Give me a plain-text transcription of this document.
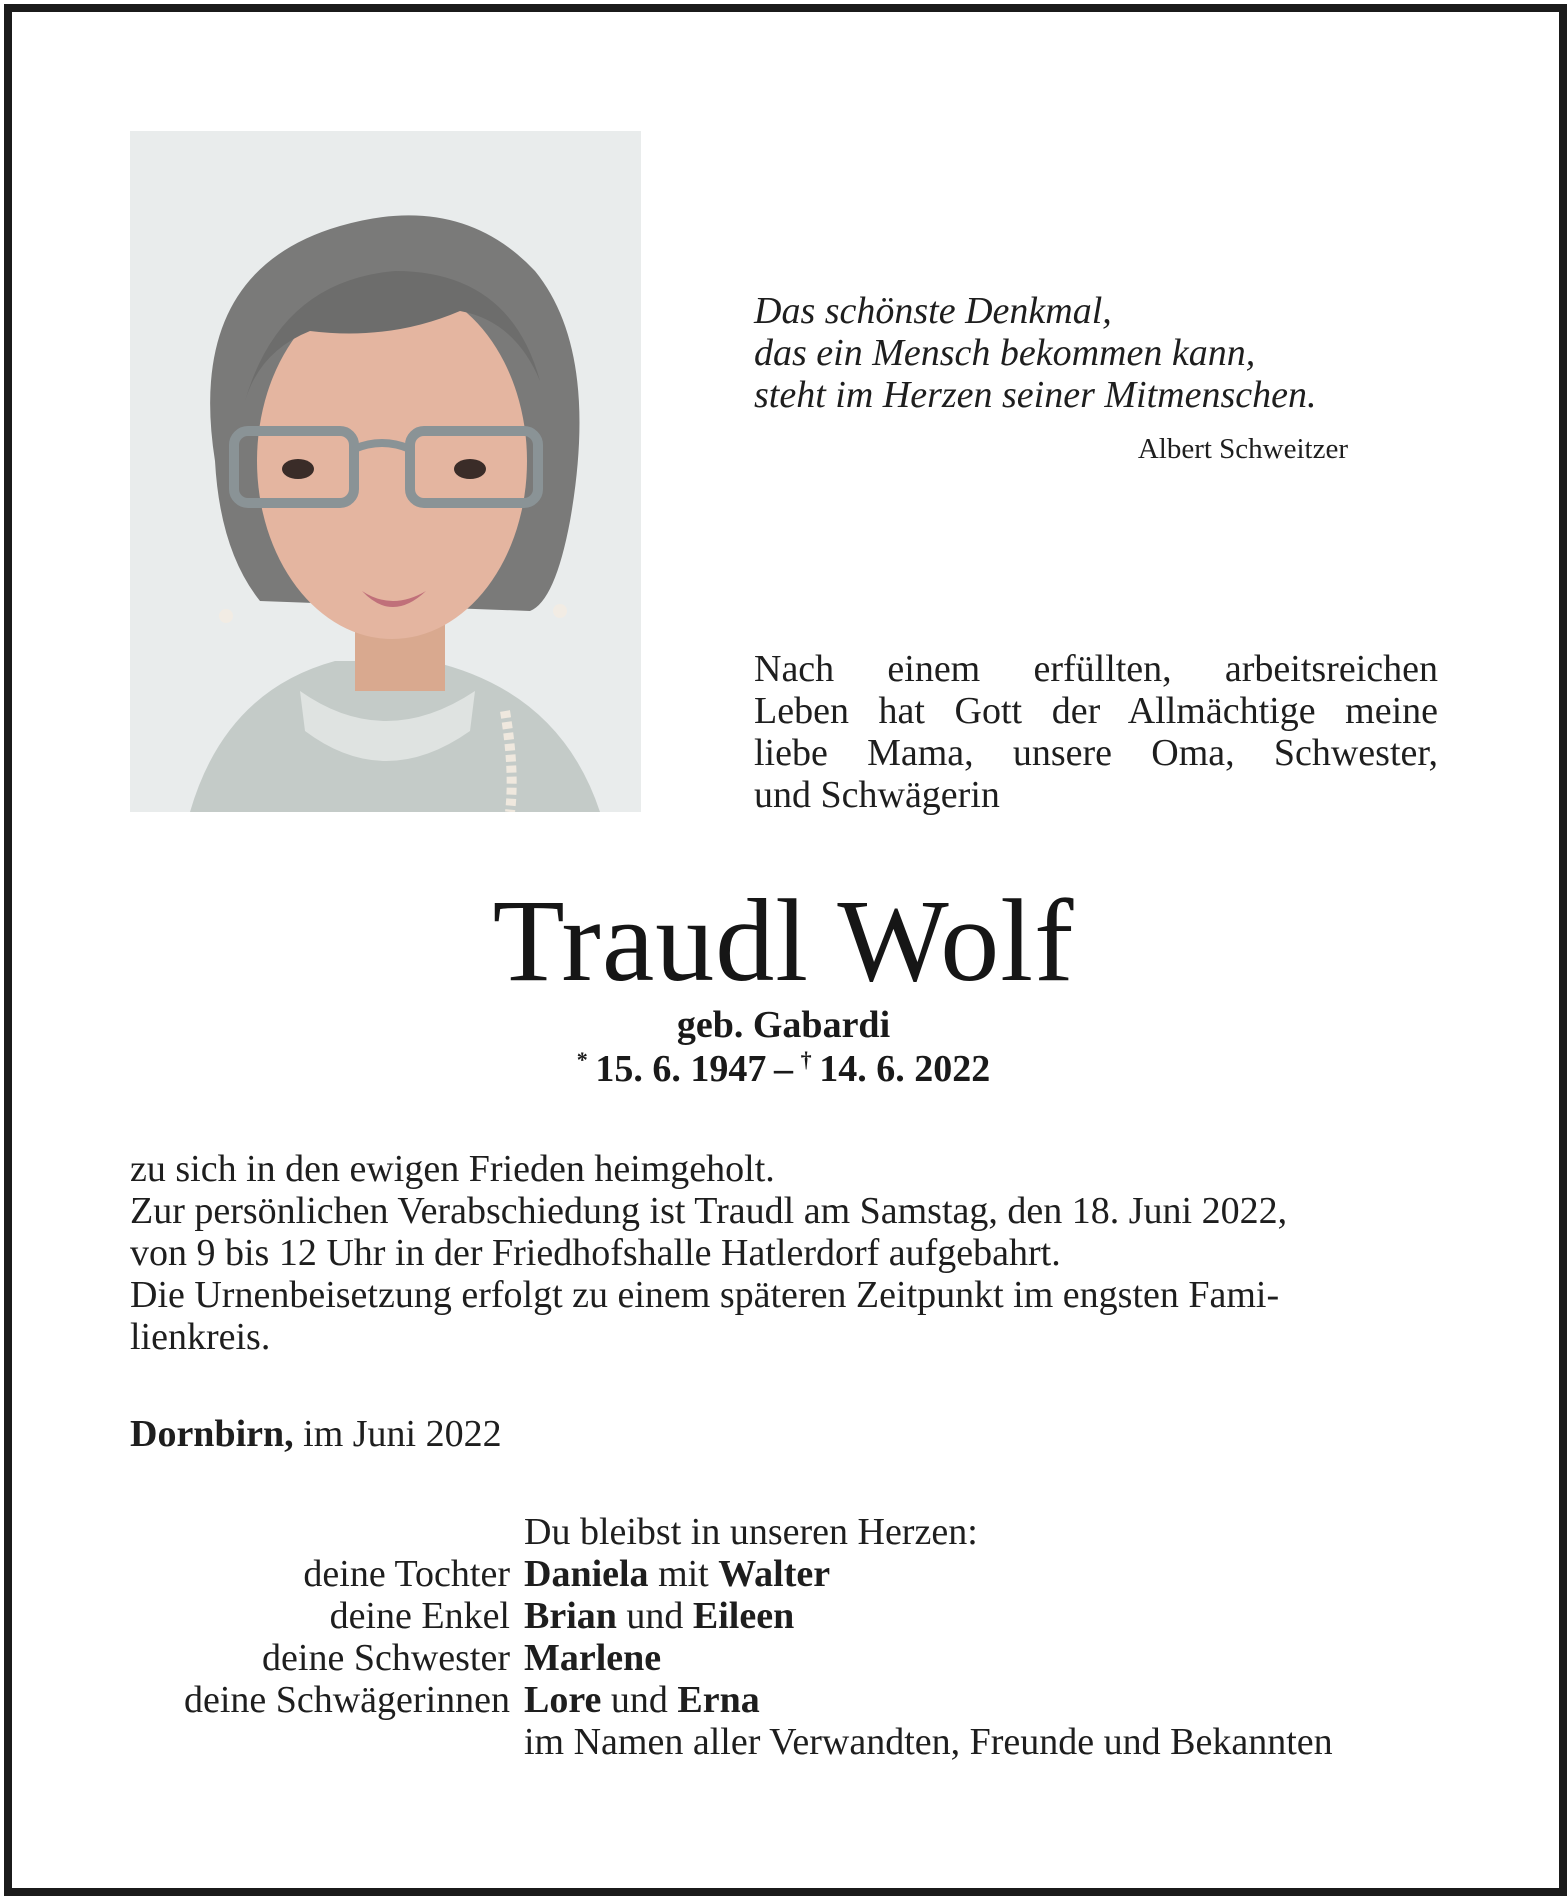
Das schönste Denkmal,
das ein Mensch bekommen kann,
steht im Herzen seiner Mitmenschen.
Albert Schweitzer
Nach einem erfüllten, arbeitsreichen
Leben hat Gott der Allmächtige meine
liebe Mama, unsere Oma, Schwester,
und Schwägerin
Traudl Wolf
geb. Gabardi
*  15. 6. 1947  –  †  14. 6. 2022
zu sich in den ewigen Frieden heimgeholt.
Zur persönlichen Verabschiedung ist Traudl am Samstag, den 18. Juni 2022,
von 9 bis 12 Uhr in der Friedhofshalle Hatlerdorf aufgebahrt.
Die Urnenbeisetzung erfolgt zu einem späteren Zeitpunkt im engsten Fami-
lienkreis.
Dornbirn, im Juni 2022
Du bleibst in unseren Herzen:
deine Tochter Daniela mit Walter
deine Enkel Brian und Eileen
deine Schwester Marlene
deine Schwägerinnen Lore und Erna
im Namen aller Verwandten, Freunde und Bekannten
